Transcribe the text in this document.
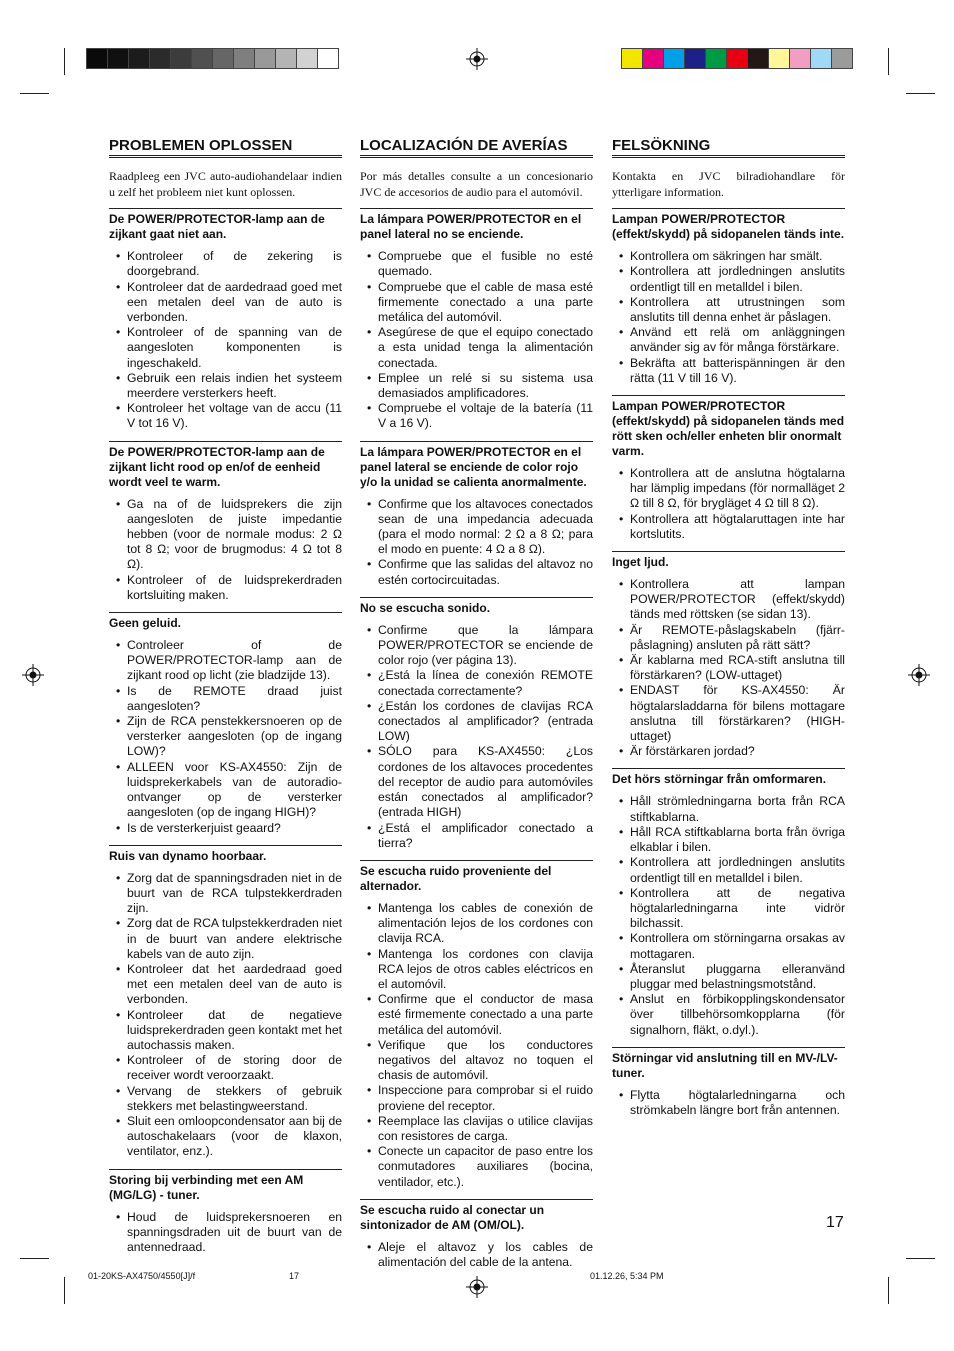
PROBLEMEN OPLOSSEN

Raadpleeg een JVC auto-audiohandelaar indien u zelf het probleem niet kunt oplossen.

De POWER/PROTECTOR-lamp aan de zijkant gaat niet aan.
• Kontroleer of de zekering is doorgebrand.
• Kontroleer dat de aardedraad goed met een metalen deel van de auto is verbonden.
• Kontroleer of de spanning van de aangesloten komponenten is ingeschakeld.
• Gebruik een relais indien het systeem meerdere versterkers heeft.
• Kontroleer het voltage van de accu (11 V tot 16 V).
De POWER/PROTECTOR-lamp aan de zijkant licht rood op en/of de eenheid wordt veel te warm.
• Ga na of de luidsprekers die zijn aangesloten de juiste impedantie hebben (voor de normale modus: 2 Ω tot 8 Ω; voor de brugmodus: 4 Ω tot 8 Ω).
• Kontroleer of de luidsprekerdraden kortsluiting maken.
Geen geluid.
• Controleer of de POWER/PROTECTOR-lamp aan de zijkant rood op licht (zie bladzijde 13).
• Is de REMOTE draad juist aangesloten?
• Zijn de RCA penstekkersnoeren op de versterker aangesloten (op de ingang LOW)?
• ALLEEN voor KS-AX4550: Zijn de luidsprekerkabels van de autoradio-ontvanger op de versterker aangesloten (op de ingang HIGH)?
• Is de versterkerjuist geaard?
Ruis van dynamo hoorbaar.
• Zorg dat de spanningsdraden niet in de buurt van de RCA tulpstekkerdraden zijn.
• Zorg dat de RCA tulpstekkerdraden niet in de buurt van andere elektrische kabels van de auto zijn.
• Kontroleer dat het aardedraad goed met een metalen deel van de auto is verbonden.
• Kontroleer dat de negatieve luidsprekerdraden geen kontakt met het autochassis maken.
• Kontroleer of de storing door de receiver wordt veroorzaakt.
• Vervang de stekkers of gebruik stekkers met belastingweerstand.
• Sluit een omloopcondensator aan bij de autoschakelaars (voor de klaxon, ventilator, enz.).
Storing bij verbinding met een AM (MG/LG) - tuner.
• Houd de luidsprekersnoeren en spanningsdraden uit de buurt van de antennedraad.
LOCALIZACIÓN DE AVERÍAS

Por más detalles consulte a un concesionario JVC de accesorios de audio para el automóvil.

La lámpara POWER/PROTECTOR en el panel lateral no se enciende.
• Compruebe que el fusible no esté quemado.
• Compruebe que el cable de masa esté firmemente conectado a una parte metálica del automóvil.
• Asegúrese de que el equipo conectado a esta unidad tenga la alimentación conectada.
• Emplee un relé si su sistema usa demasiados amplificadores.
• Compruebe el voltaje de la batería (11 V a 16 V).
La lámpara POWER/PROTECTOR en el panel lateral se enciende de color rojo y/o la unidad se calienta anormalmente.
• Confirme que los altavoces conectados sean de una impedancia adecuada (para el modo normal: 2 Ω a 8 Ω; para el modo en puente: 4 Ω a 8 Ω).
• Confirme que las salidas del altavoz no estén cortocircuitadas.
No se escucha sonido.
• Confirme que la lámpara POWER/PROTECTOR se enciende de color rojo (ver página 13).
• ¿Está la línea de conexión REMOTE conectada correctamente?
• ¿Están los cordones de clavijas RCA conectados al amplificador? (entrada LOW)
• SÓLO para KS-AX4550: ¿Los cordones de los altavoces procedentes del receptor de audio para automóviles están conectados al amplificador? (entrada HIGH)
• ¿Está el amplificador conectado a tierra?
Se escucha ruido proveniente del alternador.
• Mantenga los cables de conexión de alimentación lejos de los cordones con clavija RCA.
• Mantenga los cordones con clavija RCA lejos de otros cables eléctricos en el automóvil.
• Confirme que el conductor de masa esté firmemente conectado a una parte metálica del automóvil.
• Verifique que los conductores negativos del altavoz no toquen el chasis de automóvil.
• Inspeccione para comprobar si el ruido proviene del receptor.
• Reemplace las clavijas o utilice clavijas con resistores de carga.
• Conecte un capacitor de paso entre los conmutadores auxiliares (bocina, ventilador, etc.).
Se escucha ruido al conectar un sintonizador de AM (OM/OL).
• Aleje el altavoz y los cables de alimentación del cable de la antena.
FELSÖKNING

Kontakta en JVC bilradiohandlare för ytterligare information.

Lampan POWER/PROTECTOR (effekt/skydd) på sidopanelen tänds inte.
• Kontrollera om säkringen har smält.
• Kontrollera att jordledningen anslutits ordentligt till en metalldel i bilen.
• Kontrollera att utrustningen som anslutits till denna enhet är påslagen.
• Använd ett relä om anläggningen använder sig av för många förstärkare.
• Bekräfta att batterispänningen är den rätta (11 V till 16 V).
Lampan POWER/PROTECTOR (effekt/skydd) på sidopanelen tänds med rött sken och/eller enheten blir onormalt varm.
• Kontrollera att de anslutna högtalarna har lämplig impedans (för normalläget 2 Ω till 8 Ω, för brygläget 4 Ω till 8 Ω).
• Kontrollera att högtalaruttagen inte har kortslutits.
Inget ljud.
• Kontrollera att lampan POWER/PROTECTOR (effekt/skydd) tänds med röttsken (se sidan 13).
• Är REMOTE-påslagskabeln (fjärr-påslagning) ansluten på rätt sätt?
• Är kablarna med RCA-stift anslutna till förstärkaren? (LOW-uttaget)
• ENDAST för KS-AX4550: Är högtalarsladdarna för bilens mottagare anslutna till förstärkaren? (HIGH-uttaget)
• Är förstärkaren jordad?
Det hörs störningar från omformaren.
• Håll strömledningarna borta från RCA stiftkablarna.
• Håll RCA stiftkablarna borta från övriga elkablar i bilen.
• Kontrollera att jordledningen anslutits ordentligt till en metalldel i bilen.
• Kontrollera att de negativa högtalarledningarna inte vidrör bilchassit.
• Kontrollera om störningarna orsakas av mottagaren.
• Återanslut pluggarna elleranvänd pluggar med belastningsmotstånd.
• Anslut en förbikopplingskondensator över tillbehörsomkopplarna (för signalhorn, fläkt, o.dyl.).
Störningar vid anslutning till en MV-/LV- tuner.
• Flytta högtalarledningarna och strömkabeln längre bort från antennen.
17
01-20KS-AX4750/4550[J]/f	17	01.12.26, 5:34 PM
